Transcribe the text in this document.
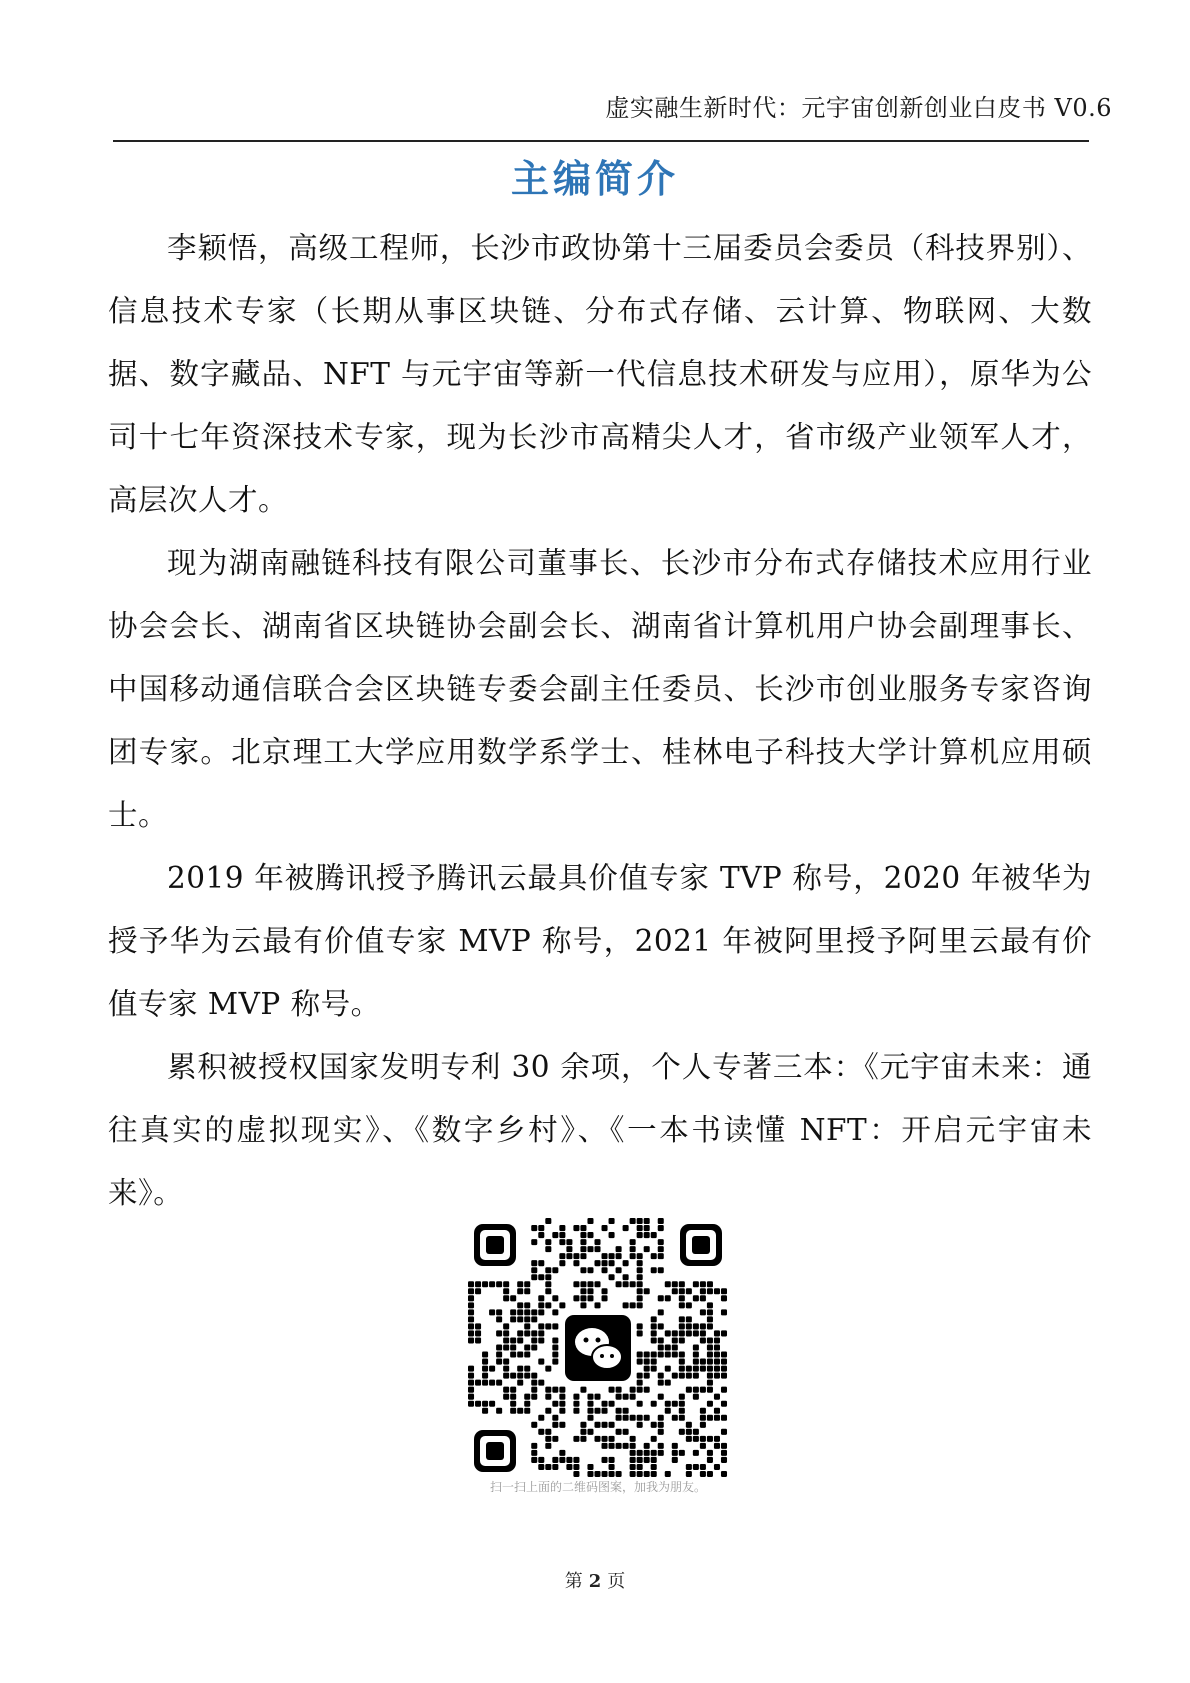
虚实融生新时代：元宇宙创新创业白皮书 V0.6
主编简介

李颖悟，高级工程师，长沙市政协第十三届委员会委员（科技界别）、信息技术专家（长期从事区块链、分布式存储、云计算、物联网、大数据、数字藏品、NFT 与元宇宙等新一代信息技术研发与应用），原华为公司十七年资深技术专家，现为长沙市高精尖人才，省市级产业领军人才，高层次人才。

现为湖南融链科技有限公司董事长、长沙市分布式存储技术应用行业协会会长、湖南省区块链协会副会长、湖南省计算机用户协会副理事长、中国移动通信联合会区块链专委会副主任委员、长沙市创业服务专家咨询团专家。北京理工大学应用数学系学士、桂林电子科技大学计算机应用硕士。

2019 年被腾讯授予腾讯云最具价值专家 TVP 称号，2020 年被华为授予华为云最有价值专家 MVP 称号，2021 年被阿里授予阿里云最有价值专家 MVP 称号。

累积被授权国家发明专利 30 余项，个人专著三本：《元宇宙未来：通往真实的虚拟现实》、《数字乡村》、《一本书读懂 NFT：开启元宇宙未来》。

扫一扫上面的二维码图案，加我为朋友。
第 2 页
